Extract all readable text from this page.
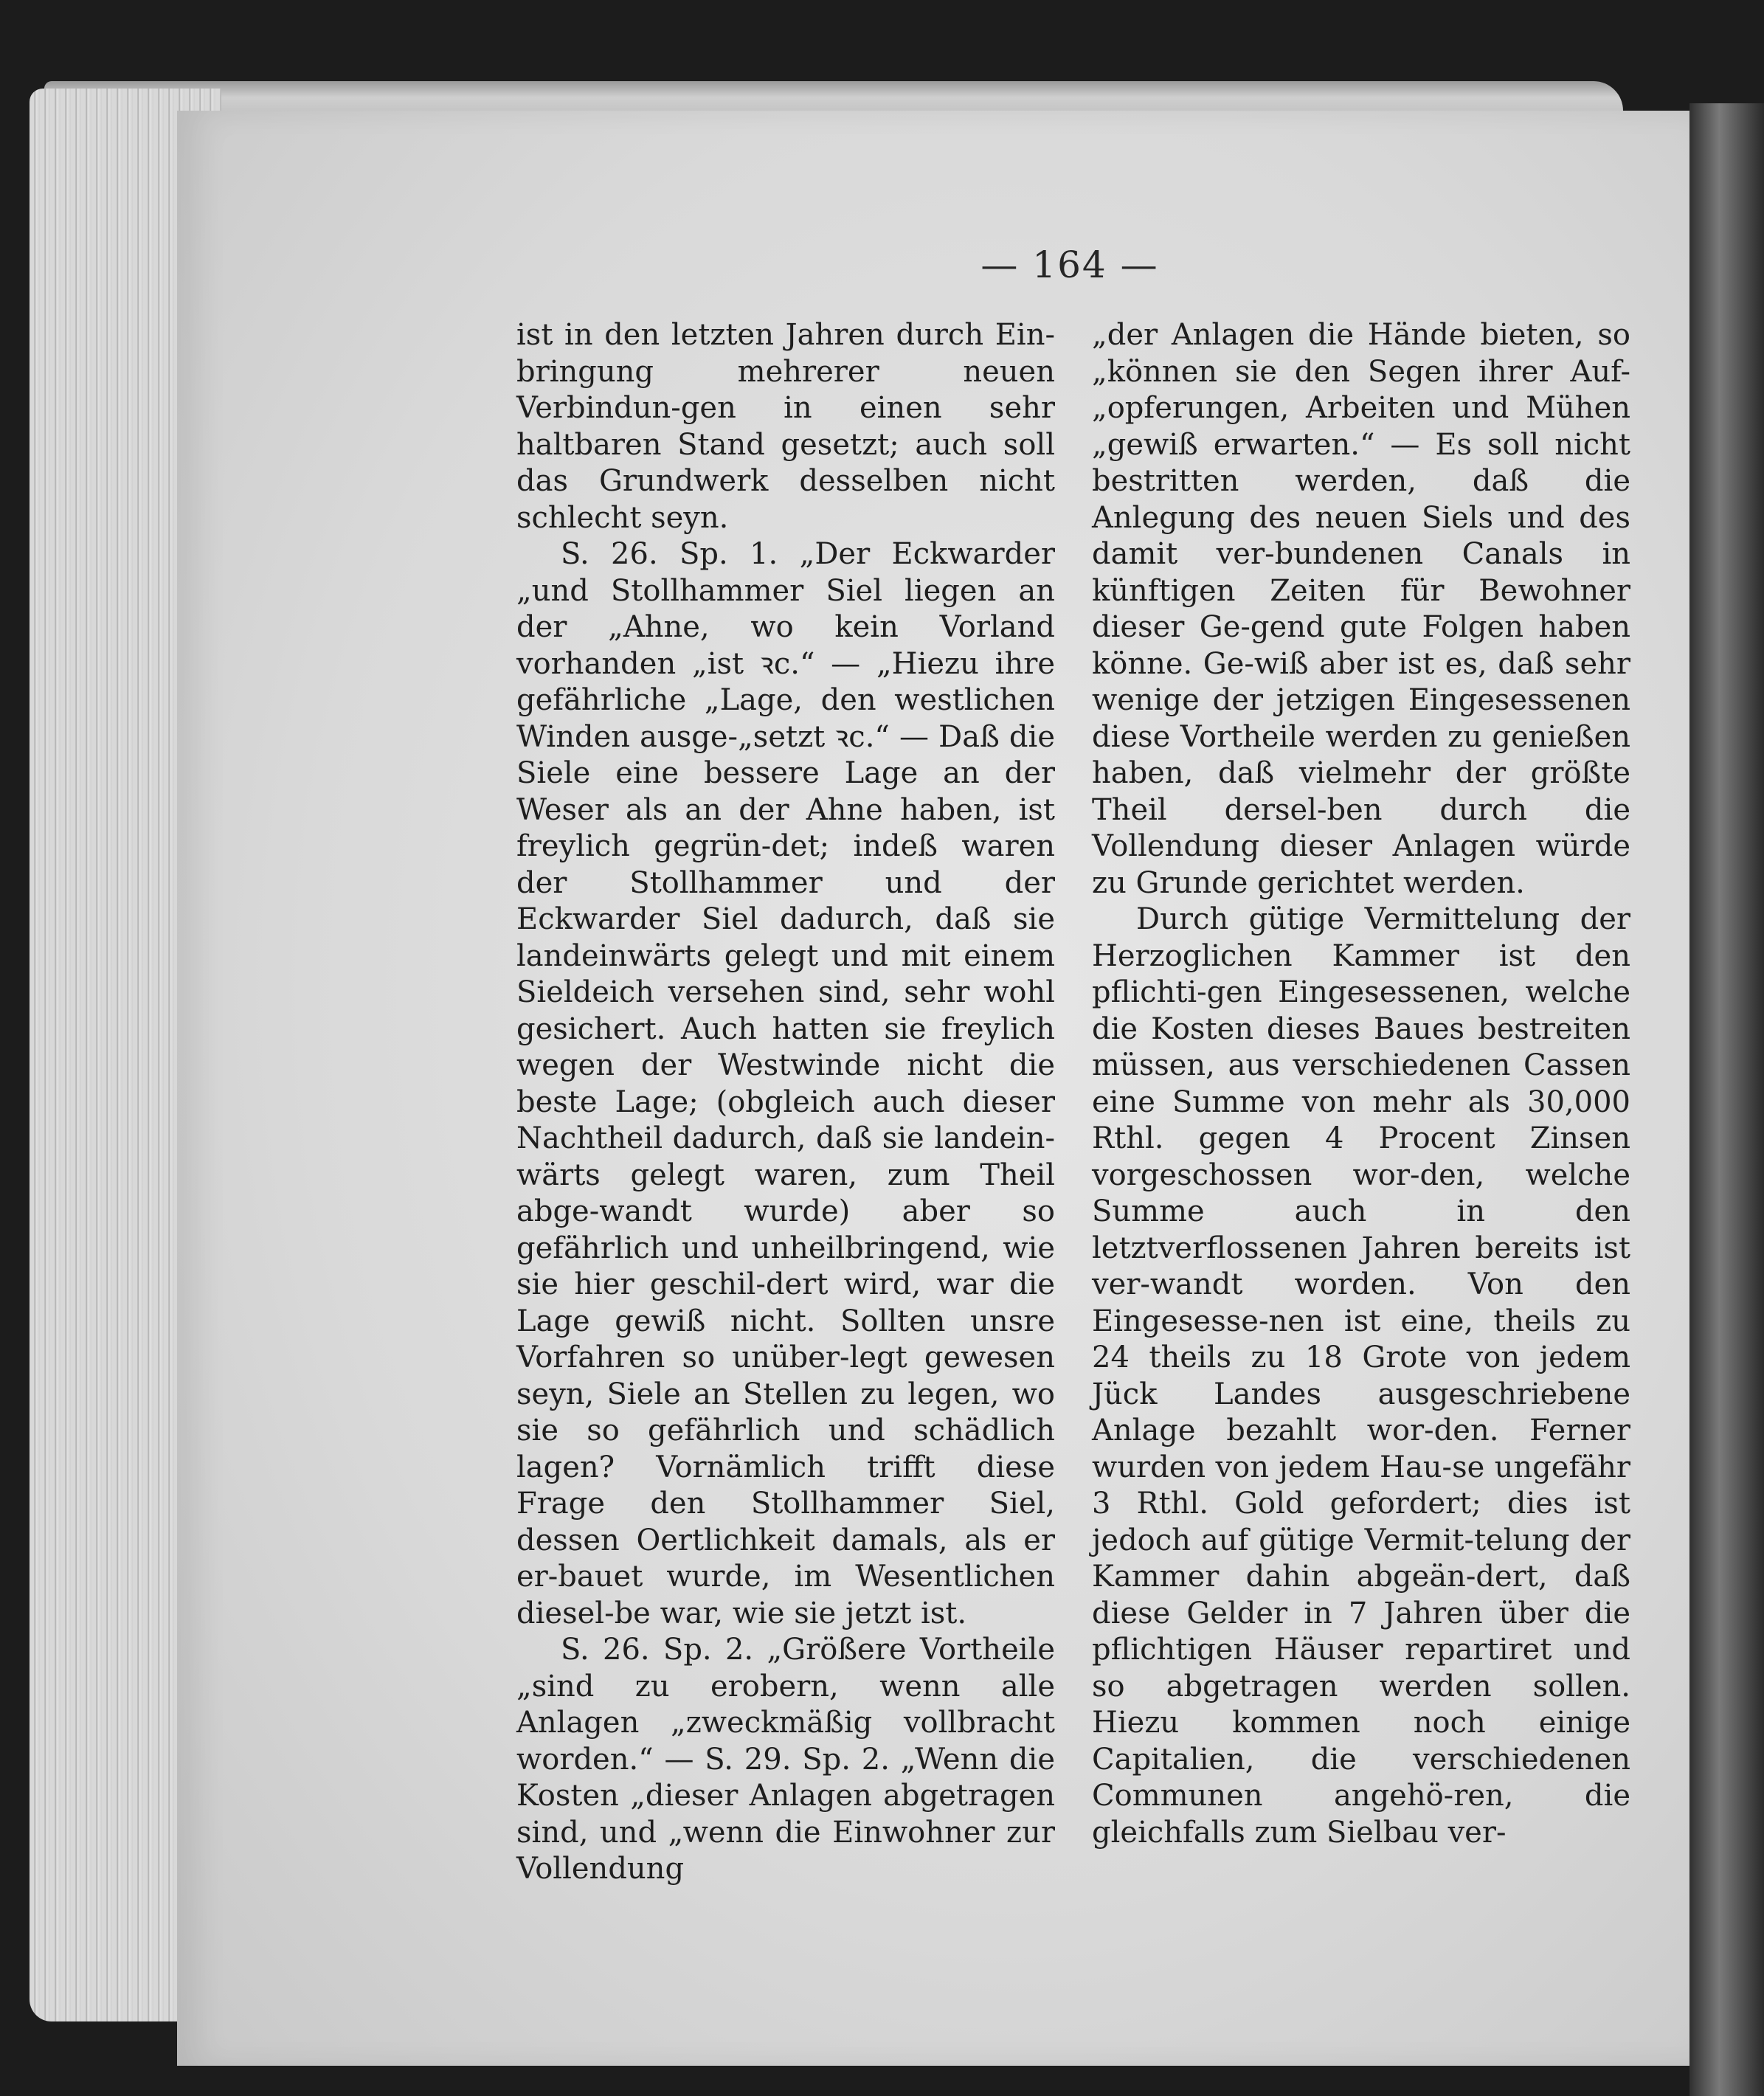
— 164 —

ist in den letzten Jahren durch Ein-bringung mehrerer neuen Verbindun-gen in einen sehr haltbaren Stand gesetzt; auch soll das Grundwerk desselben nicht schlecht seyn.

S. 26. Sp. 1. „Der Eckwarder „und Stollhammer Siel liegen an der „Ahne, wo kein Vorland vorhanden „ist ꝛc.“ — „Hiezu ihre gefährliche „Lage, den westlichen Winden ausge-„setzt ꝛc.“ — Daß die Siele eine bessere Lage an der Weser als an der Ahne haben, ist freylich gegrün-det; indeß waren der Stollhammer und der Eckwarder Siel dadurch, daß sie landeinwärts gelegt und mit einem Sieldeich versehen sind, sehr wohl gesichert. Auch hatten sie freylich wegen der Westwinde nicht die beste Lage; (obgleich auch dieser Nachtheil dadurch, daß sie landein-wärts gelegt waren, zum Theil abge-wandt wurde) aber so gefährlich und unheilbringend, wie sie hier geschil-dert wird, war die Lage gewiß nicht. Sollten unsre Vorfahren so unüber-legt gewesen seyn, Siele an Stellen zu legen, wo sie so gefährlich und schädlich lagen? Vornämlich trifft diese Frage den Stollhammer Siel, dessen Oertlichkeit damals, als er er-bauet wurde, im Wesentlichen diesel-be war, wie sie jetzt ist.

S. 26. Sp. 2. „Größere Vortheile „sind zu erobern, wenn alle Anlagen „zweckmäßig vollbracht worden.“ — S. 29. Sp. 2. „Wenn die Kosten „dieser Anlagen abgetragen sind, und „wenn die Einwohner zur Vollendung

„der Anlagen die Hände bieten, so „können sie den Segen ihrer Auf-„opferungen, Arbeiten und Mühen „gewiß erwarten.“ — Es soll nicht bestritten werden, daß die Anlegung des neuen Siels und des damit ver-bundenen Canals in künftigen Zeiten für Bewohner dieser Ge-gend gute Folgen haben könne. Ge-wiß aber ist es, daß sehr wenige der jetzigen Eingesessenen diese Vortheile werden zu genießen haben, daß vielmehr der größte Theil dersel-ben durch die Vollendung dieser Anlagen würde zu Grunde gerichtet werden.

Durch gütige Vermittelung der Herzoglichen Kammer ist den pflichti-gen Eingesessenen, welche die Kosten dieses Baues bestreiten müssen, aus verschiedenen Cassen eine Summe von mehr als 30,000 Rthl. gegen 4 Procent Zinsen vorgeschossen wor-den, welche Summe auch in den letztverflossenen Jahren bereits ist ver-wandt worden. Von den Eingesesse-nen ist eine, theils zu 24 theils zu 18 Grote von jedem Jück Landes ausgeschriebene Anlage bezahlt wor-den. Ferner wurden von jedem Hau-se ungefähr 3 Rthl. Gold gefordert; dies ist jedoch auf gütige Vermit-telung der Kammer dahin abgeän-dert, daß diese Gelder in 7 Jahren über die pflichtigen Häuser repartiret und so abgetragen werden sollen. Hiezu kommen noch einige Capitalien, die verschiedenen Communen angehö-ren, die gleichfalls zum Sielbau ver-
